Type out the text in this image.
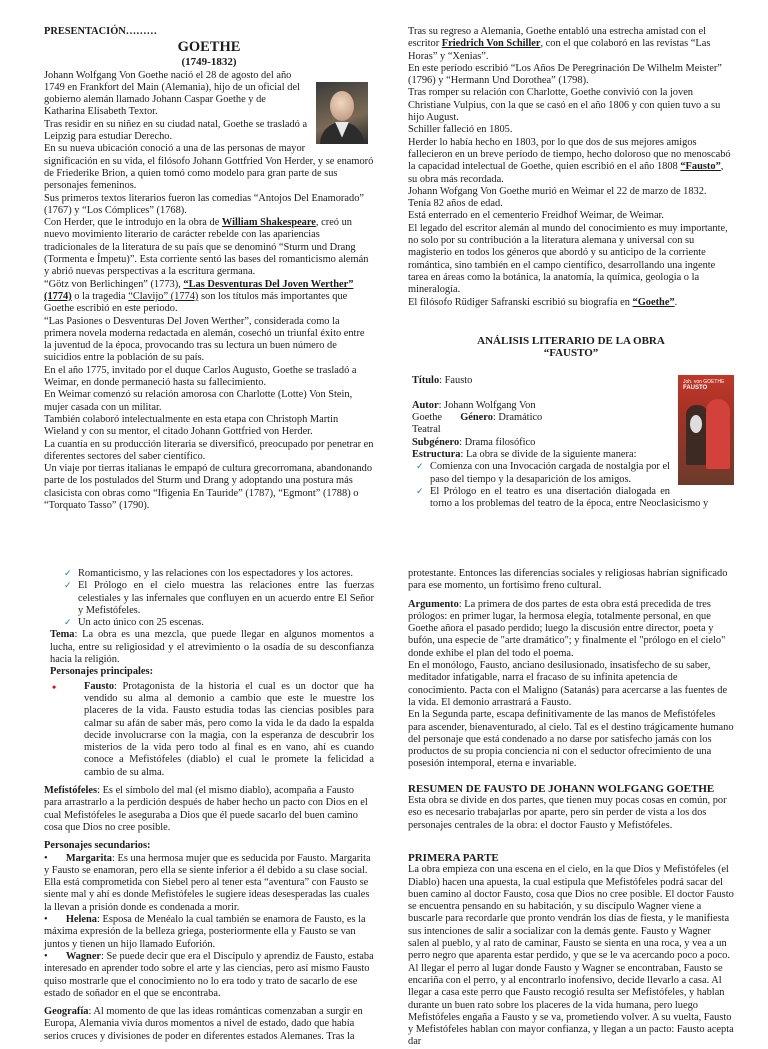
PRESENTACIÓN………

GOETHE

(1749-1832)

Johann Wolfgang Von Goethe nació el 28 de agosto del año 1749 en Frankfort del Main (Alemania), hijo de un oficial del gobierno alemán llamado Johann Caspar Goethe y de Katharina Elisabeth Textor.

Tras residir en su niñez en su ciudad natal, Goethe se trasladó a Leipzig para estudiar Derecho.

En su nueva ubicación conoció a una de las personas de mayor significación en su vida, el filósofo Johann Gottfried Von Herder, y se enamoró de Friederike Brion, a quien tomó como modelo para gran parte de sus personajes femeninos.

Sus primeros textos literarios fueron las comedias “Antojos Del Enamorado” (1767) y “Los Cómplices” (1768).

Con Herder, que le introdujo en la obra de William Shakespeare, creó un nuevo movimiento literario de carácter rebelde con las apariencias tradicionales de la literatura de su país que se denominó “Sturm und Drang (Tormenta e Ímpetu)”. Esta corriente sentó las bases del romanticismo alemán y abrió nuevas perspectivas a la escritura germana.

“Götz von Berlichingen” (1773), “Las Desventuras Del Joven Werther” (1774) o la tragedia “Clavijo” (1774) son los títulos más importantes que Goethe escribió en este periodo.

“Las Pasiones o Desventuras Del Joven Werther”, considerada como la primera novela moderna redactada en alemán, cosechó un triunfal éxito entre la juventud de la época, provocando tras su lectura un buen número de suicidios entre la población de su país.

En el año 1775, invitado por el duque Carlos Augusto, Goethe se trasladó a Weimar, en donde permaneció hasta su fallecimiento.

En Weimar comenzó su relación amorosa con Charlotte (Lotte) Von Stein, mujer casada con un militar.

También colaboró intelectualmente en esta etapa con Christoph Martin Wieland y con su mentor, el citado Johann Gottfried von Herder.

La cuantía en su producción literaria se diversificó, preocupado por penetrar en diferentes sectores del saber científico.

Un viaje por tierras italianas le empapó de cultura grecorromana, abandonando parte de los postulados del Sturm und Drang y adoptando una postura más clasicista con obras como “Ifigenia En Tauride” (1787), “Egmont” (1788) o “Torquato Tasso” (1790).

Tras su regreso a Alemania, Goethe entabló una estrecha amistad con el escritor Friedrich Von Schiller, con el que colaboró en las revistas “Las Horas” y “Xenias”.

En este período escribió “Los Años De Peregrinación De Wilhelm Meister” (1796) y “Hermann Und Dorothea” (1798).

Tras romper su relación con Charlotte, Goethe convivió con la joven Christiane Vulpius, con la que se casó en el año 1806 y con quien tuvo a su hijo August.

Schiller falleció en 1805.

Herder lo había hecho en 1803, por lo que dos de sus mejores amigos fallecieron en un breve período de tiempo, hecho doloroso que no menoscabó la capacidad intelectual de Goethe, quien escribió en el año 1808 “Fausto”, su obra más recordada.

Johann Wofgang Von Goethe murió en Weimar el 22 de marzo de 1832.

Tenía 82 años de edad.

Está enterrado en el cementerio Freidhof Weimar, de Weimar.

El legado del escritor alemán al mundo del conocimiento es muy importante, no solo por su contribución a la literatura alemana y universal con su magisterio en todos los géneros que abordó y su anticipo de la corriente romántica, sino también en el campo científico, desarrollando una ingente tarea en áreas como la botánica, la anatomía, la química, geologia o la mineralogía.

El filósofo Rüdiger Safranski escribió su biografía en “Goethe”.

ANÁLISIS LITERARIO DE LA OBRA

“FAUSTO”

Joh. von GOETHE
FAUSTO

Título: Fausto

Autor: Johann Wolfgang Von Goethe Género: Dramático Teatral

Subgénero: Drama filosófico

Estructura: La obra se divide de la siguiente manera:

✓ Comienza con una Invocación cargada de nostalgia por el paso del tiempo y la desaparición de los amigos.
✓ El Prólogo en el teatro es una disertación dialogada en torno a los problemas del teatro de la época, entre Neoclasicismo y
✓ Romanticismo, y las relaciones con los espectadores y los actores.
✓ El Prólogo en el cielo muestra las relaciones entre las fuerzas celestiales y las infernales que confluyen en un acuerdo entre El Señor y Mefistófeles.
✓ Un acto único con 25 escenas.

Tema: La obra es una mezcla, que puede llegar en algunos momentos a lucha, entre su religiosidad y el atrevimiento o la osadía de su desconfianza hacia la religión.

Personajes principales:

•	Fausto: Protagonista de la historia el cual es un doctor que ha vendido su alma al demonio a cambio que este le muestre los placeres de la vida. Fausto estudia todas las ciencias posibles para calmar su afán de saber más, pero como la vida le da dado la espalda decide involucrarse con la magia, con la esperanza de descubrir los misterios de la vida pero todo al final es en vano, ahí es cuando conoce a Mefistófeles (diablo) el cual le promete la felicidad a cambio de su alma.

Mefistófeles: Es el símbolo del mal (el mismo diablo), acompaña a Fausto para arrastrarlo a la perdición después de haber hecho un pacto con Dios en el cual Mefistófeles le aseguraba a Dios que él puede sacarlo del buen camino cosa que Dios no cree posible.

Personajes secundarios:

•       Margarita: Es una hermosa mujer que es seducida por Fausto. Margarita y Fausto se enamoran, pero ella se siente inferior a él debido a su clase social. Ella está comprometida con Siebel pero al tener esta “aventura” con Fausto se siente mal y ahí es donde Mefistófeles le sugiere ideas desesperadas las cuales la llevan a prisión donde es condenada a morir.

•       Helena: Esposa de Menéalo la cual también se enamora de Fausto, es la máxima expresión de la belleza griega, posteriormente ella y Fausto se van juntos y tienen un hijo llamado Euforión.

•       Wagner: Se puede decir que era el Discípulo y aprendiz de Fausto, estaba interesado en aprender todo sobre el arte y las ciencias, pero así mismo Fausto quiso mostrarle que el conocimiento no lo era todo y trato de sacarlo de ese estado de soñador en el que se encontraba.

Geografía: Al momento de que las ideas románticas comenzaban a surgir en Europa, Alemania vivía duros momentos a nivel de estado, dado que había serios cruces y divisiones de poder en diferentes estados Alemanes. Tras la

protestante. Entonces las diferencias sociales y religiosas habrían significado para ese momento, un fortísimo freno cultural.

Argumento: La primera de dos partes de esta obra está precedida de tres prólogos: en primer lugar, la hermosa elegía, totalmente personal, en que Goethe añora el pasado perdido; luego la discusión entre director, poeta y bufón, una especie de "arte dramático"; y finalmente el "prólogo en el cielo" donde exhibe el plan del todo el poema.

En el monólogo, Fausto, anciano desilusionado, insatisfecho de su saber, meditador infatigable, narra el fracaso de su infinita apetencia de conocimiento. Pacta con el Maligno (Satanás) para acercarse a las fuentes de la vida. El demonio arrastrará a Fausto.

En la Segunda parte, escapa definitivamente de las manos de Mefistófeles para ascender, bienaventurado, al cielo. Tal es el destino trágicamente humano del personaje que está condenado a no darse por satisfecho jamás con los productos de su propia conciencia ni con el seductor ofrecimiento de una posesión intemporal, eterna e invariable.

RESUMEN DE FAUSTO DE JOHANN WOLFGANG GOETHE

Esta obra se divide en dos partes, que tienen muy pocas cosas en común, por eso es necesario trabajarlas por aparte, pero sin perder de vista a los dos personajes centrales de la obra: el doctor Fausto y Mefistófeles.

PRIMERA PARTE

La obra empieza con una escena en el cielo, en la que Dios y Mefistófeles (el Diablo) hacen una apuesta, la cual estipula que Mefistófeles podrá sacar del buen camino al doctor Fausto, cosa que Dios no cree posible. El doctor Fausto se encuentra pensando en su habitación, y su discípulo Wagner viene a buscarle para recordarle que pronto vendrán los días de fiesta, y le manifiesta sus intenciones de salir a socializar con la demás gente. Fausto y Wagner salen al pueblo, y al rato de caminar, Fausto se sienta en una roca, y vea a un perro negro que aparenta estar perdido, y que se le va acercando poco a poco. Al llegar el perro al lugar donde Fausto y Wagner se encontraban, Fausto se encariña con el perro, y al encontrarlo inofensivo, decide llevarlo a casa. Al llegar a casa este perro que Fausto recogió resulta ser Mefistófeles, y hablan durante un buen rato sobre los placeres de la vida humana, pero luego Mefistófeles engaña a Fausto y se va, prometiendo volver. A su vuelta, Fausto y Mefistófeles hablan con mayor confianza, y llegan a un pacto: Fausto acepta dar
